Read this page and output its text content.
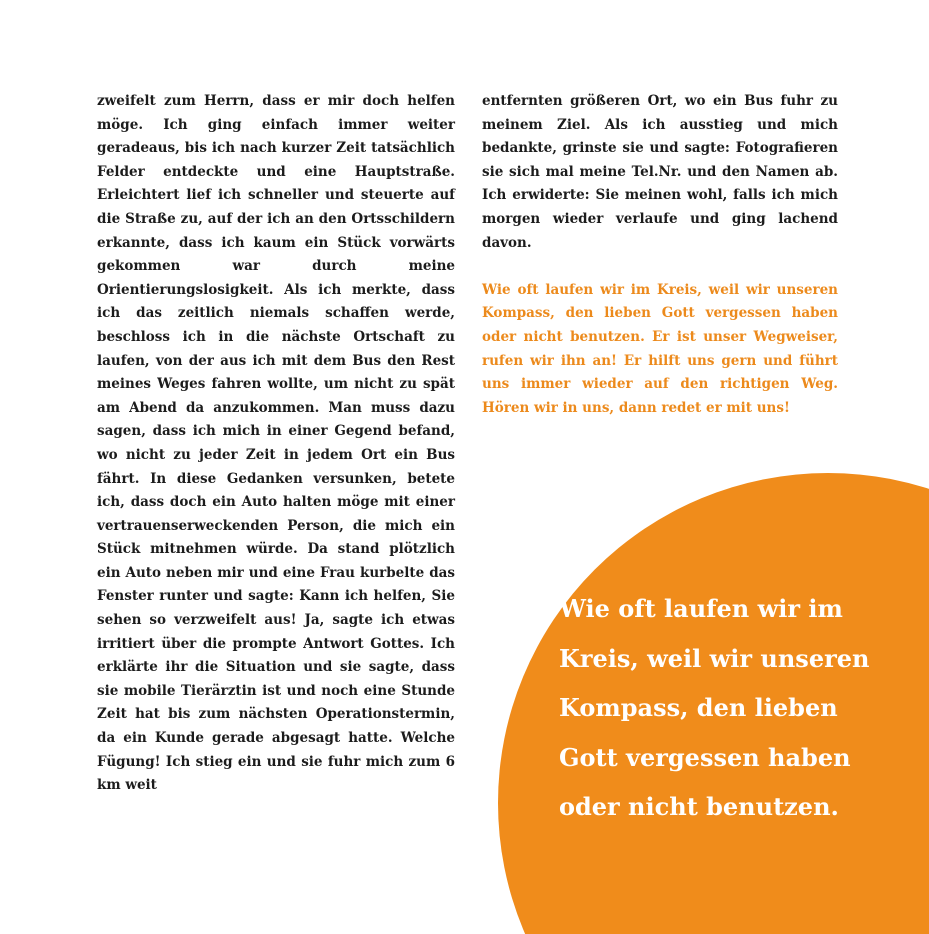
zweifelt zum Herrn, dass er mir doch helfen möge. Ich ging einfach immer weiter geradeaus, bis ich nach kurzer Zeit tatsächlich Felder entdeckte und eine Hauptstraße. Erleichtert lief ich schneller und steuerte auf die Straße zu, auf der ich an den Ortsschildern erkannte, dass ich kaum ein Stück vorwärts gekommen war durch meine Orientierungslosigkeit. Als ich merkte, dass ich das zeitlich niemals schaffen werde, beschloss ich in die nächste Ortschaft zu laufen, von der aus ich mit dem Bus den Rest meines Weges fahren wollte, um nicht zu spät am Abend da anzukommen. Man muss dazu sagen, dass ich mich in einer Gegend befand, wo nicht zu jeder Zeit in jedem Ort ein Bus fährt. In diese Gedanken versunken, betete ich, dass doch ein Auto halten möge mit einer vertrauenserweckenden Person, die mich ein Stück mitnehmen würde. Da stand plötzlich ein Auto neben mir und eine Frau kurbelte das Fenster runter und sagte: Kann ich helfen, Sie sehen so verzweifelt aus! Ja, sagte ich etwas irritiert über die prompte Antwort Gottes. Ich erklärte ihr die Situation und sie sagte, dass sie mobile Tierärztin ist und noch eine Stunde Zeit hat bis zum nächsten Operationstermin, da ein Kunde gerade abgesagt hatte. Welche Fügung! Ich stieg ein und sie fuhr mich zum 6 km weit

entfernten größeren Ort, wo ein Bus fuhr zu meinem Ziel. Als ich ausstieg und mich bedankte, grinste sie und sagte: Fotografieren sie sich mal meine Tel.Nr. und den Namen ab. Ich erwiderte: Sie meinen wohl, falls ich mich morgen wieder verlaufe und ging lachend davon.

Wie oft laufen wir im Kreis, weil wir unseren Kompass, den lieben Gott vergessen haben oder nicht benutzen. Er ist unser Wegweiser, rufen wir ihn an! Er hilft uns gern und führt uns immer wieder auf den richtigen Weg. Hören wir in uns, dann redet er mit uns!

Wie oft laufen wir im Kreis, weil wir unseren Kompass, den lieben Gott vergessen haben oder nicht benutzen.
